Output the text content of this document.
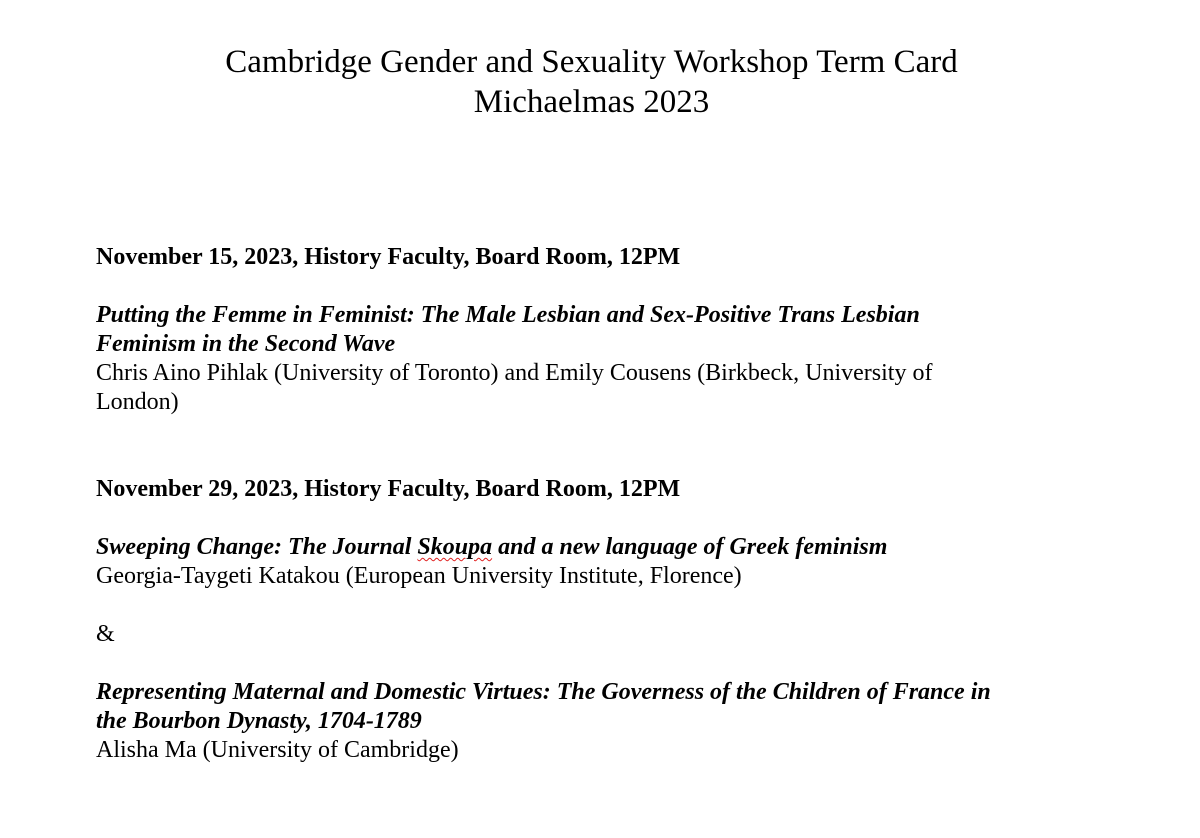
Cambridge Gender and Sexuality Workshop Term Card
Michaelmas 2023

November 15, 2023, History Faculty, Board Room, 12PM

Putting the Femme in Feminist: The Male Lesbian and Sex-Positive Trans Lesbian
Feminism in the Second Wave

Chris Aino Pihlak (University of Toronto) and Emily Cousens (Birkbeck, University of
London)

November 29, 2023, History Faculty, Board Room, 12PM

Sweeping Change: The Journal Skoupa and a new language of Greek feminism

Georgia-Taygeti Katakou (European University Institute, Florence)

&

Representing Maternal and Domestic Virtues: The Governess of the Children of France in
the Bourbon Dynasty, 1704-1789

Alisha Ma (University of Cambridge)
